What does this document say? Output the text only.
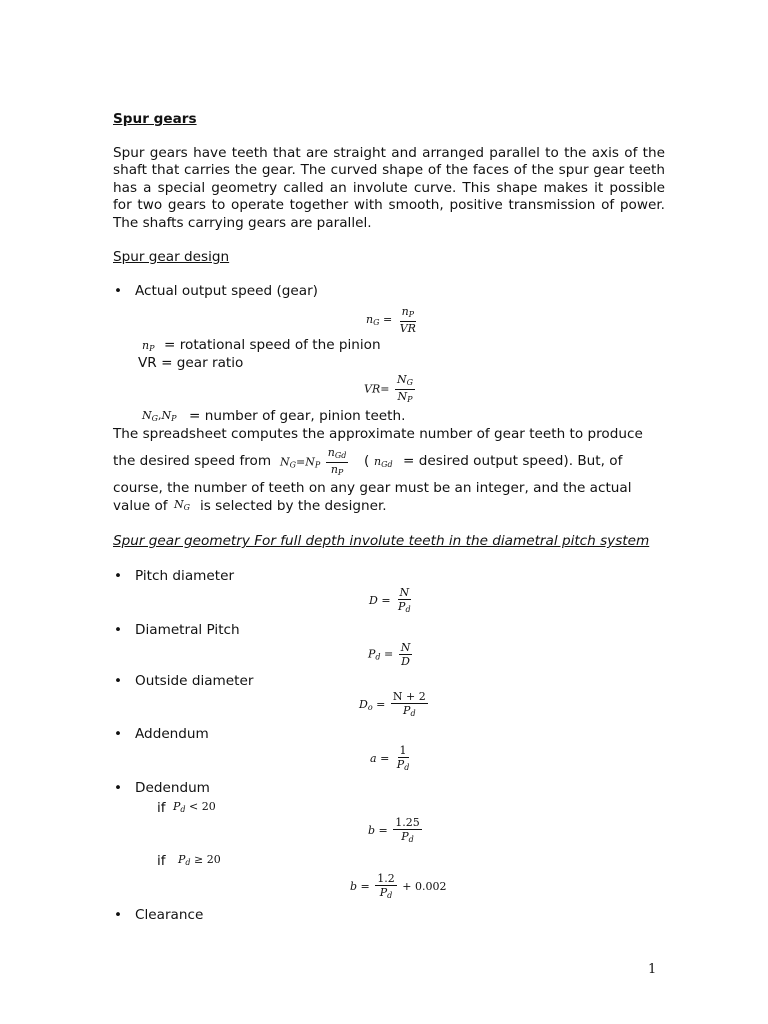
Spur gears
Spur gears have teeth that are straight and arranged parallel to the axis of the shaft that carries the gear. The curved shape of the faces of the spur gear teeth has a special geometry called an involute curve. This shape makes it possible for two gears to operate together with smooth, positive transmission of power. The shafts carrying gears are parallel.
Spur gear design
• Actual output speed (gear)
$n_G = \frac{n_P}{VR}$
$n_P$ = rotational speed of the pinion
VR = gear ratio
$VR= \frac{N_G}{N_P}$
$N_G,N_P$ = number of gear, pinion teeth.
The spreadsheet computes the approximate number of gear teeth to produce
the desired speed from $N_G=N_P \frac{n_{Gd}}{n_P}$ ( $n_{Gd}$ = desired output speed). But, of
course, the number of teeth on any gear must be an integer, and the actual
value of $N_G$ is selected by the designer.
Spur gear geometry For full depth involute teeth in the diametral pitch system
• Pitch diameter
$D = \frac{N}{P_d}$
• Diametral Pitch
$P_d = \frac{N}{D}$
• Outside diameter
$D_o = \frac{N + 2}{P_d}$
• Addendum
$a = \frac{1}{P_d}$
• Dedendum
if $P_d < 20$
$b = \frac{1.25}{P_d}$
if $P_d \ge 20$
$b = \frac{1.2}{P_d} + 0.002$
• Clearance
1
